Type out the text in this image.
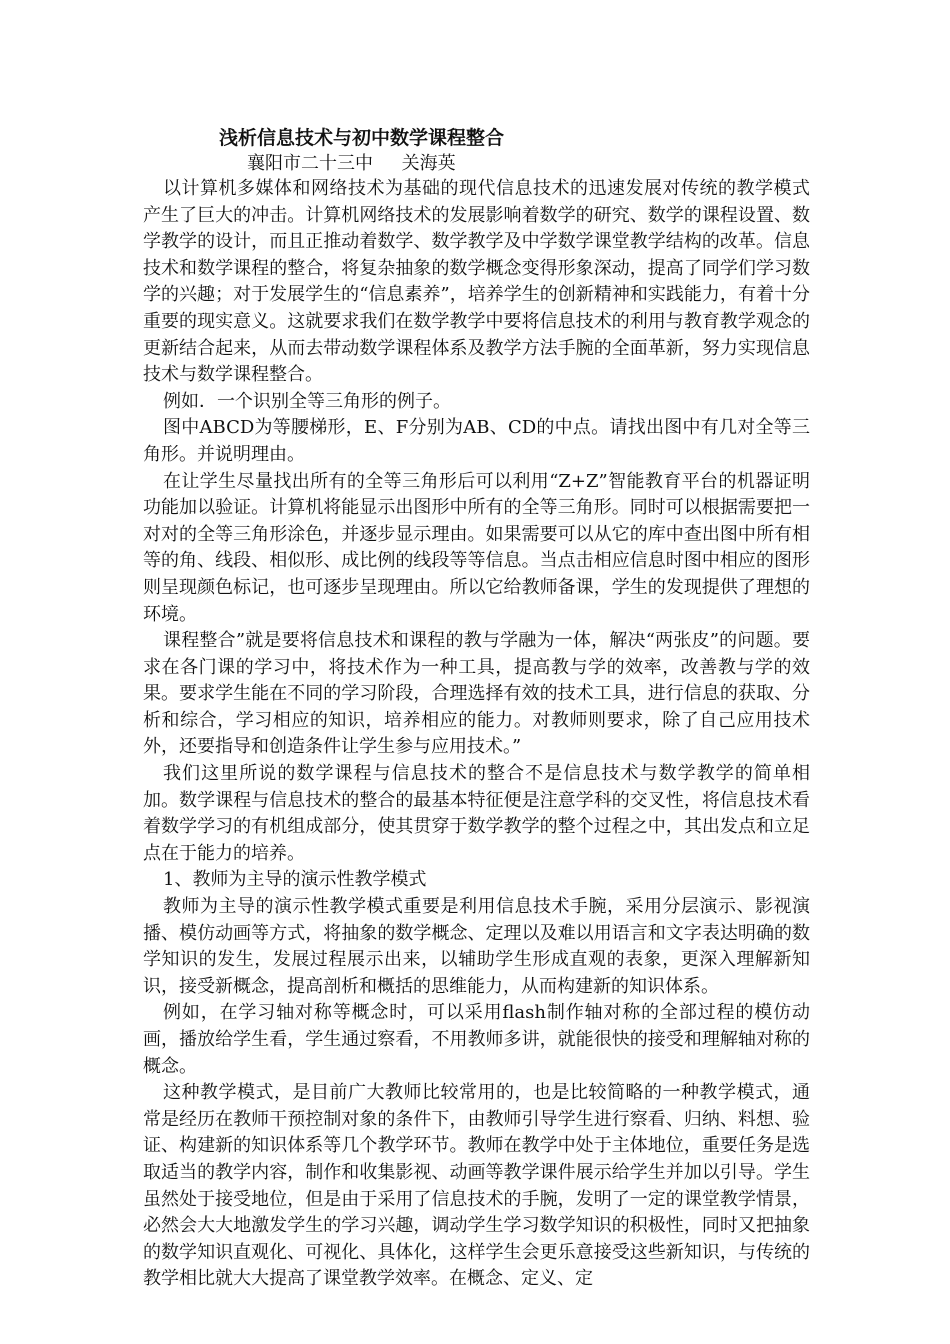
浅析信息技术与初中数学课程整合
襄阳市二十三中     关海英

以计算机多媒体和网络技术为基础的现代信息技术的迅速发展对传统的教学模式产生了巨大的冲击。计算机网络技术的发展影响着数学的研究、数学的课程设置、数学教学的设计，而且正推动着数学、数学教学及中学数学课堂教学结构的改革。信息技术和数学课程的整合，将复杂抽象的数学概念变得形象深动，提高了同学们学习数学的兴趣；对于发展学生的“信息素养”，培养学生的创新精神和实践能力，有着十分重要的现实意义。这就要求我们在数学教学中要将信息技术的利用与教育教学观念的更新结合起来，从而去带动数学课程体系及教学方法手腕的全面革新，努力实现信息技术与数学课程整合。

例如．一个识别全等三角形的例子。

图中ABCD为等腰梯形，E、F分别为AB、CD的中点。请找出图中有几对全等三角形。并说明理由。

在让学生尽量找出所有的全等三角形后可以利用“Z+Z”智能教育平台的机器证明功能加以验证。计算机将能显示出图形中所有的全等三角形。同时可以根据需要把一对对的全等三角形涂色，并逐步显示理由。如果需要可以从它的库中查出图中所有相等的角、线段、相似形、成比例的线段等等信息。当点击相应信息时图中相应的图形则呈现颜色标记，也可逐步呈现理由。所以它给教师备课，学生的发现提供了理想的环境。

课程整合”就是要将信息技术和课程的教与学融为一体，解决“两张皮”的问题。要求在各门课的学习中，将技术作为一种工具，提高教与学的效率，改善教与学的效果。要求学生能在不同的学习阶段，合理选择有效的技术工具，进行信息的获取、分析和综合，学习相应的知识，培养相应的能力。对教师则要求，除了自己应用技术外，还要指导和创造条件让学生参与应用技术。”

我们这里所说的数学课程与信息技术的整合不是信息技术与数学教学的简单相加。数学课程与信息技术的整合的最基本特征便是注意学科的交叉性，将信息技术看着数学学习的有机组成部分，使其贯穿于数学教学的整个过程之中，其出发点和立足点在于能力的培养。

1、教师为主导的演示性教学模式

教师为主导的演示性教学模式重要是利用信息技术手腕，采用分层演示、影视演播、模仿动画等方式，将抽象的数学概念、定理以及难以用语言和文字表达明确的数学知识的发生，发展过程展示出来，以辅助学生形成直观的表象，更深入理解新知识，接受新概念，提高剖析和概括的思维能力，从而构建新的知识体系。

例如，在学习轴对称等概念时，可以采用flash制作轴对称的全部过程的模仿动画，播放给学生看，学生通过察看，不用教师多讲，就能很快的接受和理解轴对称的概念。

这种教学模式，是目前广大教师比较常用的，也是比较简略的一种教学模式，通常是经历在教师干预控制对象的条件下，由教师引导学生进行察看、归纳、料想、验证、构建新的知识体系等几个教学环节。教师在教学中处于主体地位，重要任务是选取适当的教学内容，制作和收集影视、动画等教学课件展示给学生并加以引导。学生虽然处于接受地位，但是由于采用了信息技术的手腕，发明了一定的课堂教学情景，必然会大大地激发学生的学习兴趣，调动学生学习数学知识的积极性，同时又把抽象的数学知识直观化、可视化、具体化，这样学生会更乐意接受这些新知识，与传统的教学相比就大大提高了课堂教学效率。在概念、定义、定
